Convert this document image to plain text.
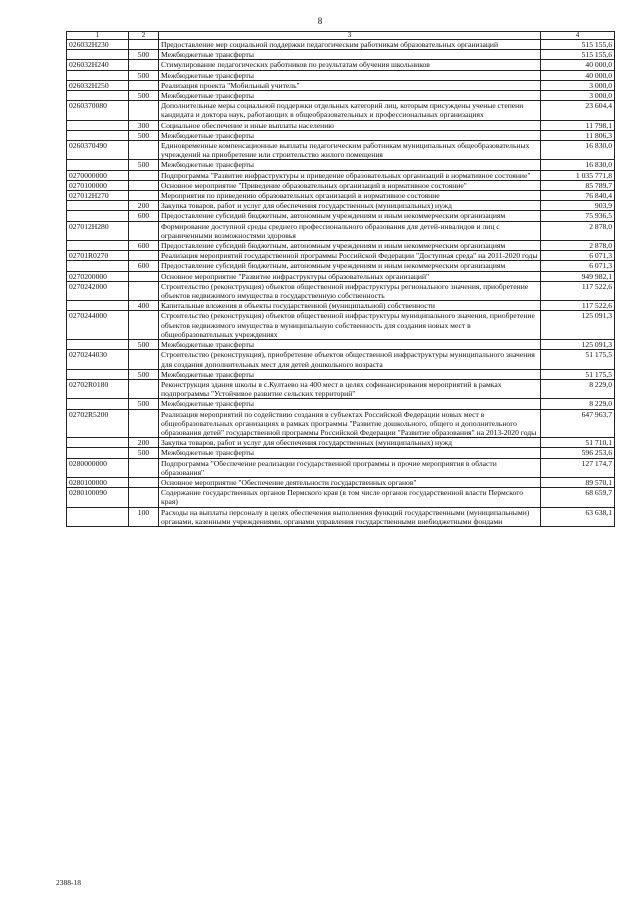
8
1	2	3	4
026032Н230		Предоставление мер социальной поддержки педагогическим работникам образовательных организаций	515 155,6
	500	Межбюджетные трансферты	515 155,6
026032Н240		Стимулирование педагогических работников по результатам обучения школьников	40 000,0
	500	Межбюджетные трансферты	40 000,0
026032Н250		Реализация проекта "Мобильный учитель"	3 000,0
	500	Межбюджетные трансферты	3 000,0
0260370080		Дополнительные меры социальной поддержки отдельных категорий лиц, которым присуждены ученые степени кандидата и доктора наук, работающих в общеобразовательных и профессиональных организациях	23 604,4
	300	Социальное обеспечение и иные выплаты населению	11 798,1
	500	Межбюджетные трансферты	11 806,3
0260370490		Единовременные компенсационные выплаты педагогическим работникам муниципальных общеобразовательных учреждений на приобретение или строительство жилого помещения	16 830,0
	500	Межбюджетные трансферты	16 830,0
0270000000		Подпрограмма "Развитие инфраструктуры и приведение образовательных организаций в нормативное состояние"	1 035 771,8
0270100000		Основное мероприятие "Приведение образовательных организаций в нормативное состояние"	85 789,7
027012Н270		Мероприятия по приведению образовательных организаций в нормативное состояние	76 840,4
	200	Закупка товаров, работ и услуг для обеспечения государственных (муниципальных) нужд	903,9
	600	Предоставление субсидий бюджетным, автономным учреждениям и иным некоммерческим организациям	75 936,5
027012Н280		Формирование доступной среды среднего профессионального образования для детей-инвалидов и лиц с ограниченными возможностями здоровья	2 878,0
	600	Предоставление субсидий бюджетным, автономным учреждениям и иным некоммерческим организациям	2 878,0
02701R0270		Реализация мероприятий государственной программы Российской Федерации "Доступная среда" на 2011-2020 годы	6 071,3
	600	Предоставление субсидий бюджетным, автономным учреждениям и иным некоммерческим организациям	6 071,3
0270200000		Основное мероприятие "Развитие инфраструктуры образовательных организаций"	949 982,1
0270242000		Строительство (реконструкция) объектов общественной инфраструктуры регионального значения, приобретение объектов недвижимого имущества в государственную собственность	117 522,6
	400	Капитальные вложения в объекты государственной (муниципальной) собственности	117 522,6
0270244000		Строительство (реконструкция) объектов общественной инфраструктуры муниципального значения, приобретение объектов недвижимого имущества в муниципальную собственность для создания новых мест в общеобразовательных учреждениях	125 091,3
	500	Межбюджетные трансферты	125 091,3
0270244030		Строительство (реконструкция), приобретение объектов общественной инфраструктуры муниципального значения для создания дополнительных мест для детей дошкольного возраста	51 175,5
	500	Межбюджетные трансферты	51 175,5
02702R0180		Реконструкция здания школы в с.Култаево на 400 мест в целях софинансирования мероприятий в рамках подпрограммы "Устойчивое развитие сельских территорий"	8 229,0
	500	Межбюджетные трансферты	8 229,0
02702R5200		Реализация мероприятий по содействию создания в субъектах Российской Федерации новых мест в общеобразовательных организациях в рамках программы "Развитие дошкольного, общего и дополнительного образования детей" государственной программы Российской Федерации "Развитие образования" на 2013-2020 годы	647 963,7
	200	Закупка товаров, работ и услуг для обеспечения государственных (муниципальных) нужд	51 710,1
	500	Межбюджетные трансферты	596 253,6
0280000000		Подпрограмма "Обеспечение реализации государственной программы и прочие мероприятия в области образования"	127 174,7
0280100000		Основное мероприятие "Обеспечение деятельности государственных органов"	89 570,1
0280100090		Содержание государственных органов Пермского края (в том числе органов государственной власти Пермского края)	68 659,7
	100	Расходы на выплаты персоналу в целях обеспечения выполнения функций государственными (муниципальными) органами, казенными учреждениями, органами управления государственными внебюджетными фондами	63 638,1
2388-18
